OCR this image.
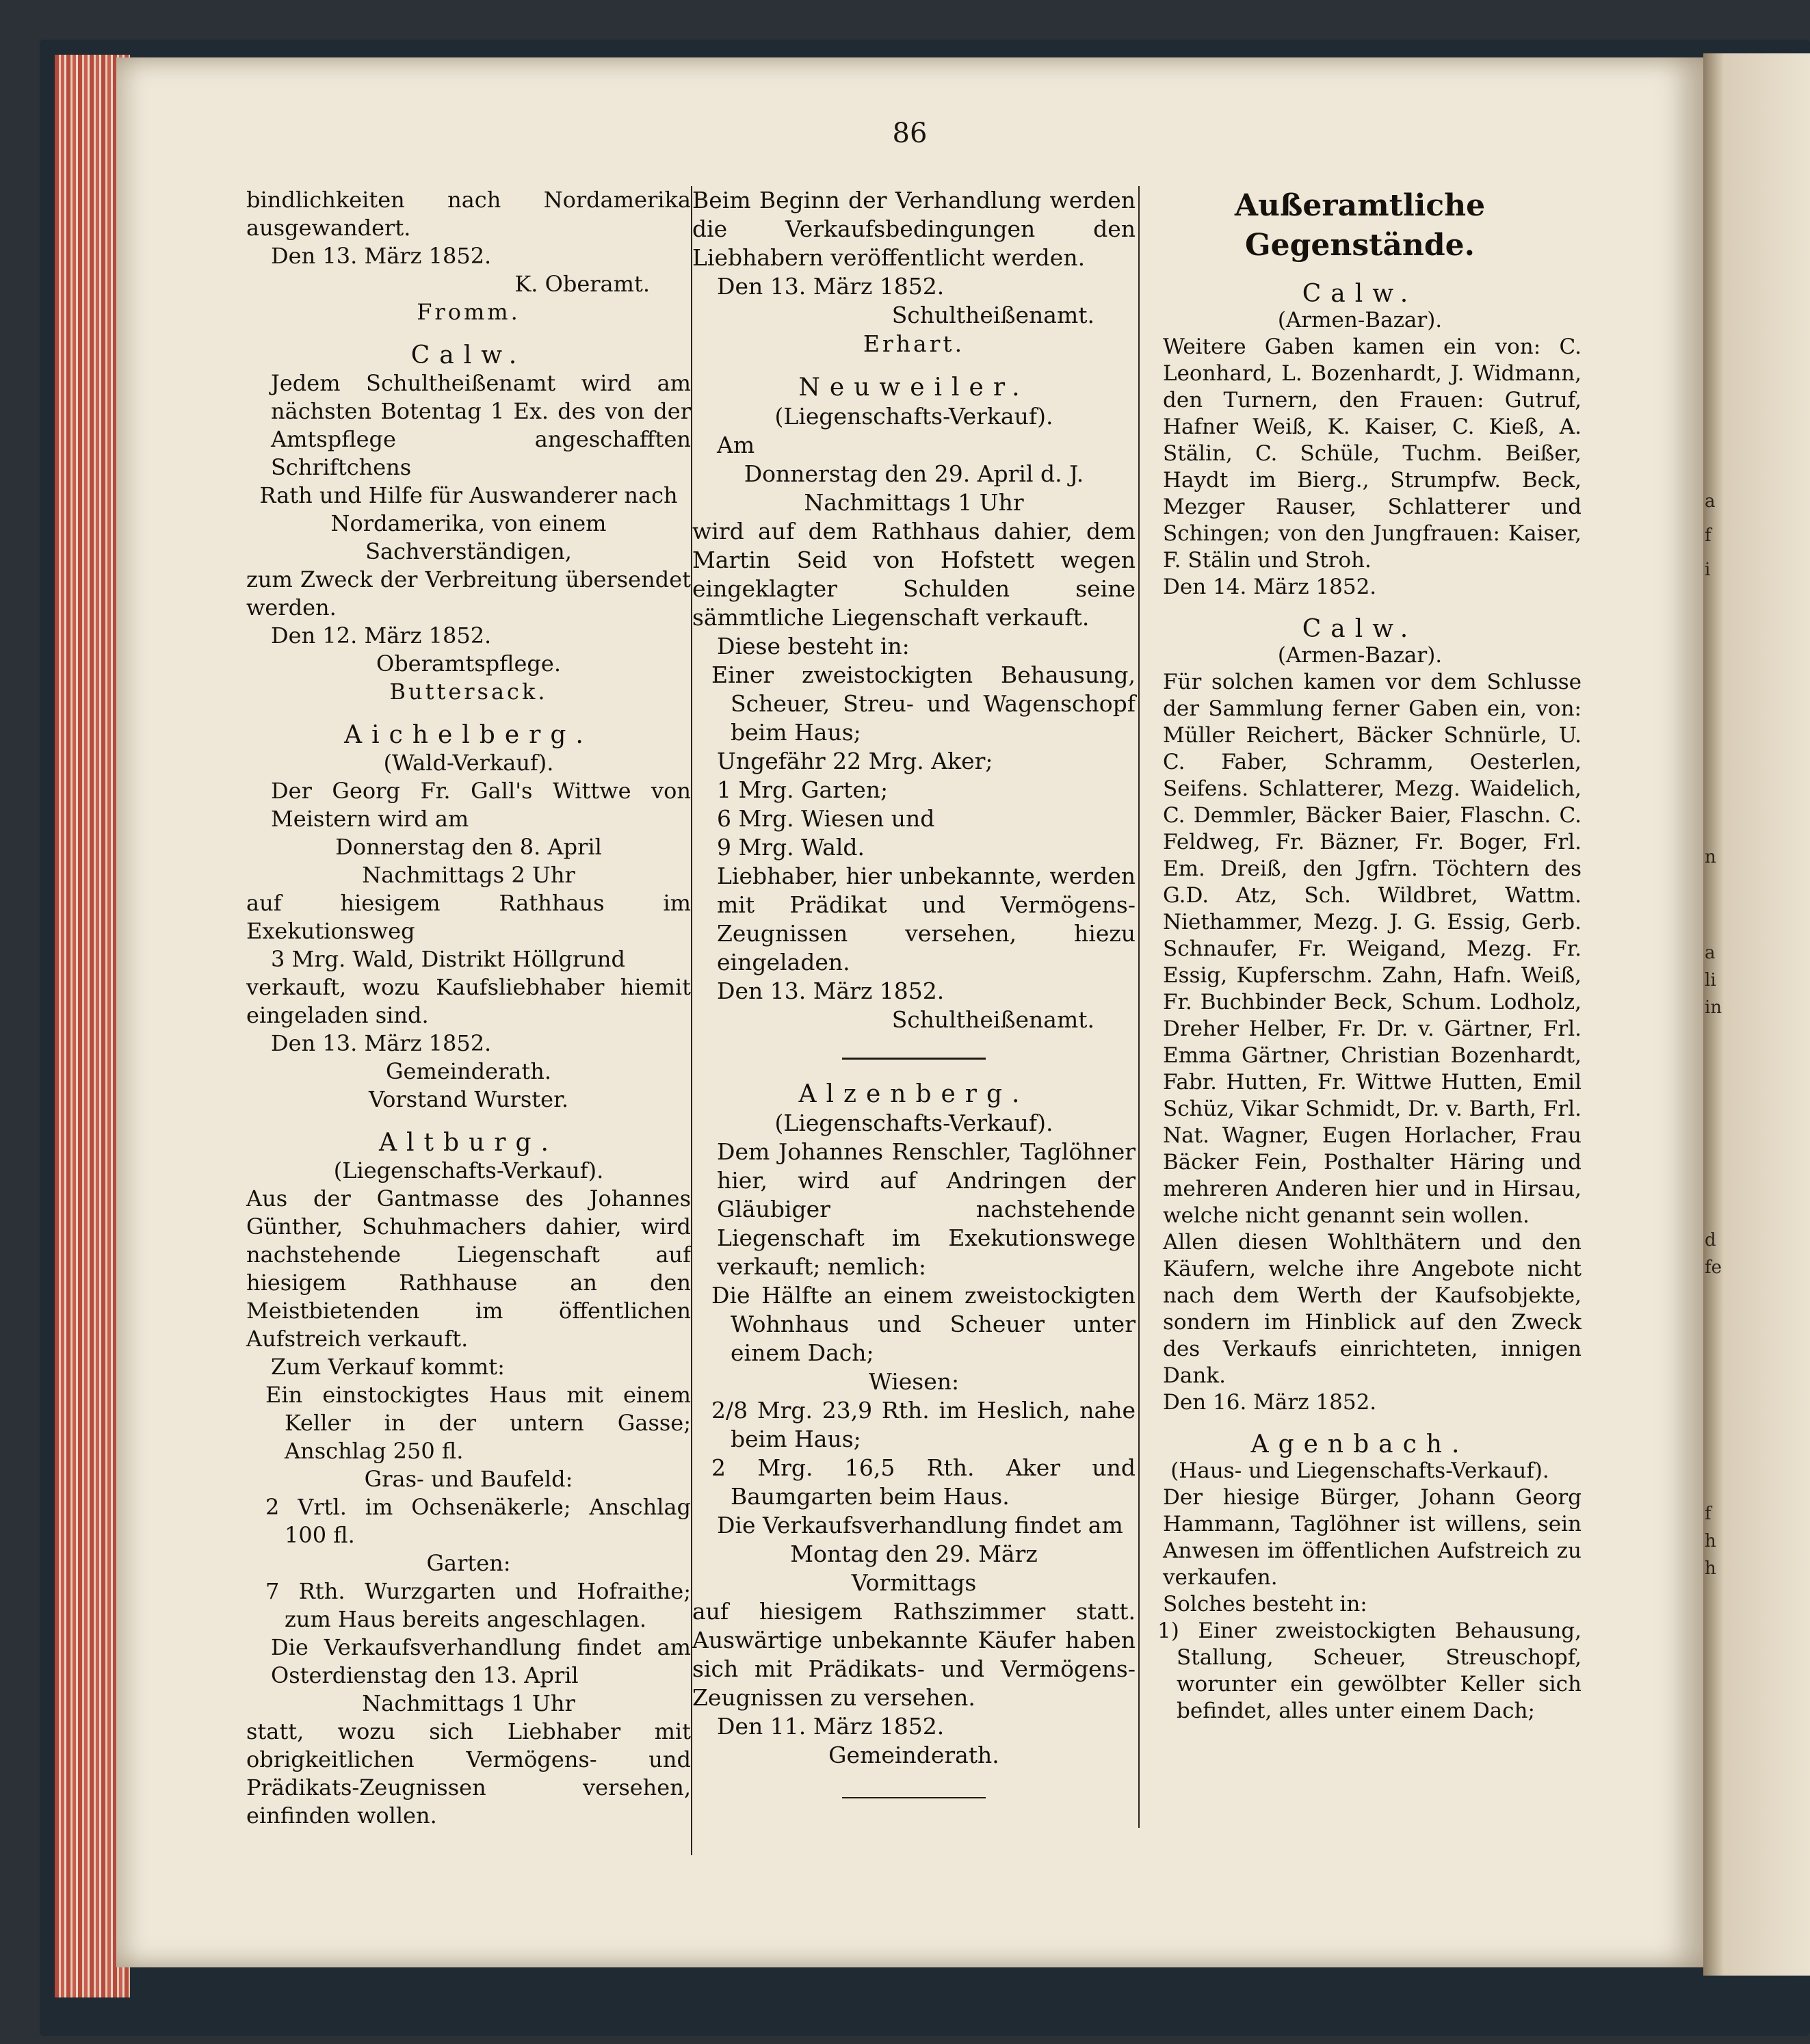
a
f
i
n
a
li
in
d
fe
f
h
h
86
bindlichkeiten nach Nordamerika ausgewandert.
Den 13. März 1852.
K. Oberamt.
Fromm.
Calw.
Jedem Schultheißenamt wird am nächsten Botentag 1 Ex. des von der Amtspflege angeschafften Schriftchens
Rath und Hilfe für Auswanderer nach Nordamerika, von einem Sachverständigen,
zum Zweck der Verbreitung übersendet werden.
Den 12. März 1852.
Oberamtspflege.
Buttersack.
Aichelberg.
(Wald-Verkauf).
Der Georg Fr. Gall's Wittwe von Meistern wird am
Donnerstag den 8. April
Nachmittags 2 Uhr
auf hiesigem Rathhaus im Exekutionsweg
3 Mrg. Wald, Distrikt Höllgrund
verkauft, wozu Kaufsliebhaber hiemit eingeladen sind.
Den 13. März 1852.
Gemeinderath.
Vorstand Wurster.
Altburg.
(Liegenschafts-Verkauf).
Aus der Gantmasse des Johannes Günther, Schuhmachers dahier, wird nachstehende Liegenschaft auf hiesigem Rathhause an den Meistbietenden im öffentlichen Aufstreich verkauft.
Zum Verkauf kommt:
Ein einstockigtes Haus mit einem Keller in der untern Gasse; Anschlag 250 fl.
Gras- und Baufeld:
2 Vrtl. im Ochsenäkerle; Anschlag 100 fl.
Garten:
7 Rth. Wurzgarten und Hofraithe; zum Haus bereits angeschlagen.
Die Verkaufsverhandlung findet am Osterdienstag den 13. April
Nachmittags 1 Uhr
statt, wozu sich Liebhaber mit obrigkeitlichen Vermögens- und Prädikats-Zeugnissen versehen, einfinden wollen.
Beim Beginn der Verhandlung werden die Verkaufsbedingungen den Liebhabern veröffentlicht werden.
Den 13. März 1852.
Schultheißenamt.
Erhart.
Neuweiler.
(Liegenschafts-Verkauf).
Am
Donnerstag den 29. April d. J.
Nachmittags 1 Uhr
wird auf dem Rathhaus dahier, dem Martin Seid von Hofstett wegen eingeklagter Schulden seine sämmtliche Liegenschaft verkauft.
Diese besteht in:
Einer zweistockigten Behausung, Scheuer, Streu- und Wagenschopf beim Haus;
Ungefähr 22 Mrg. Aker;
1 Mrg. Garten;
6 Mrg. Wiesen und
9 Mrg. Wald.
Liebhaber, hier unbekannte, werden mit Prädikat und Vermögens-Zeugnissen versehen, hiezu eingeladen.
Den 13. März 1852.
Schultheißenamt.
Alzenberg.
(Liegenschafts-Verkauf).
Dem Johannes Renschler, Taglöhner hier, wird auf Andringen der Gläubiger nachstehende Liegenschaft im Exekutionswege verkauft; nemlich:
Die Hälfte an einem zweistockigten Wohnhaus und Scheuer unter einem Dach;
Wiesen:
2/8 Mrg. 23,9 Rth. im Heslich, nahe beim Haus;
2 Mrg. 16,5 Rth. Aker und Baumgarten beim Haus.
Die Verkaufsverhandlung findet am
Montag den 29. März
Vormittags
auf hiesigem Rathszimmer statt. Auswärtige unbekannte Käufer haben sich mit Prädikats- und Vermögens-Zeugnissen zu versehen.
Den 11. März 1852.
Gemeinderath.
Außeramtliche Gegenstände.
Calw.
(Armen-Bazar).
Weitere Gaben kamen ein von: C. Leonhard, L. Bozenhardt, J. Widmann, den Turnern, den Frauen: Gutruf, Hafner Weiß, K. Kaiser, C. Kieß, A. Stälin, C. Schüle, Tuchm. Beißer, Haydt im Bierg., Strumpfw. Beck, Mezger Rauser, Schlatterer und Schingen; von den Jungfrauen: Kaiser, F. Stälin und Stroh.
Den 14. März 1852.
Calw.
(Armen-Bazar).
Für solchen kamen vor dem Schlusse der Sammlung ferner Gaben ein, von: Müller Reichert, Bäcker Schnürle, U. C. Faber, Schramm, Oesterlen, Seifens. Schlatterer, Mezg. Waidelich, C. Demmler, Bäcker Baier, Flaschn. C. Feldweg, Fr. Bäzner, Fr. Boger, Frl. Em. Dreiß, den Jgfrn. Töchtern des G.D. Atz, Sch. Wildbret, Wattm. Niethammer, Mezg. J. G. Essig, Gerb. Schnaufer, Fr. Weigand, Mezg. Fr. Essig, Kupferschm. Zahn, Hafn. Weiß, Fr. Buchbinder Beck, Schum. Lodholz, Dreher Helber, Fr. Dr. v. Gärtner, Frl. Emma Gärtner, Christian Bozenhardt, Fabr. Hutten, Fr. Wittwe Hutten, Emil Schüz, Vikar Schmidt, Dr. v. Barth, Frl. Nat. Wagner, Eugen Horlacher, Frau Bäcker Fein, Posthalter Häring und mehreren Anderen hier und in Hirsau, welche nicht genannt sein wollen.
Allen diesen Wohlthätern und den Käufern, welche ihre Angebote nicht nach dem Werth der Kaufsobjekte, sondern im Hinblick auf den Zweck des Verkaufs einrichteten, innigen Dank.
Den 16. März 1852.
Agenbach.
(Haus- und Liegenschafts-Verkauf).
Der hiesige Bürger, Johann Georg Hammann, Taglöhner ist willens, sein Anwesen im öffentlichen Aufstreich zu verkaufen.
Solches besteht in:
1) Einer zweistockigten Behausung, Stallung, Scheuer, Streuschopf, worunter ein gewölbter Keller sich befindet, alles unter einem Dach;
